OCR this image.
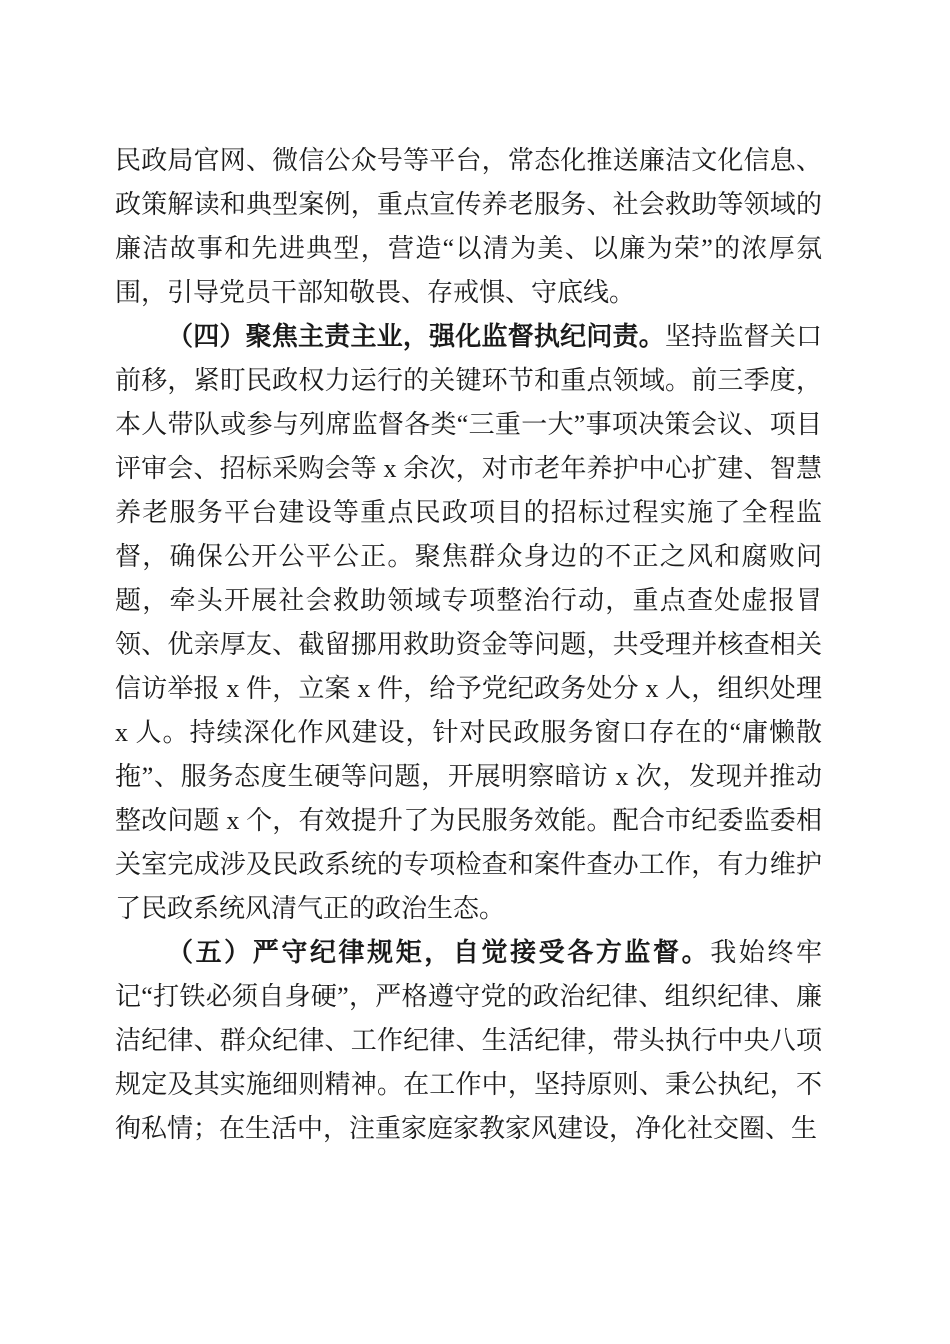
民政局官网、微信公众号等平台，常态化推送廉洁文化信息、政策解读和典型案例，重点宣传养老服务、社会救助等领域的廉洁故事和先进典型，营造“以清为美、以廉为荣”的浓厚氛围，引导党员干部知敬畏、存戒惧、守底线。

（四）聚焦主责主业，强化监督执纪问责。坚持监督关口前移，紧盯民政权力运行的关键环节和重点领域。前三季度，本人带队或参与列席监督各类“三重一大”事项决策会议、项目评审会、招标采购会等 x 余次，对市老年养护中心扩建、智慧养老服务平台建设等重点民政项目的招标过程实施了全程监督，确保公开公平公正。聚焦群众身边的不正之风和腐败问题，牵头开展社会救助领域专项整治行动，重点查处虚报冒领、优亲厚友、截留挪用救助资金等问题，共受理并核查相关信访举报 x 件，立案 x 件，给予党纪政务处分 x 人，组织处理 x 人。持续深化作风建设，针对民政服务窗口存在的“庸懒散拖”、服务态度生硬等问题，开展明察暗访 x 次，发现并推动整改问题 x 个，有效提升了为民服务效能。配合市纪委监委相关室完成涉及民政系统的专项检查和案件查办工作，有力维护了民政系统风清气正的政治生态。

（五）严守纪律规矩，自觉接受各方监督。我始终牢记“打铁必须自身硬”，严格遵守党的政治纪律、组织纪律、廉洁纪律、群众纪律、工作纪律、生活纪律，带头执行中央八项规定及其实施细则精神。在工作中，坚持原则、秉公执纪，不徇私情；在生活中，注重家庭家教家风建设，净化社交圈、生
